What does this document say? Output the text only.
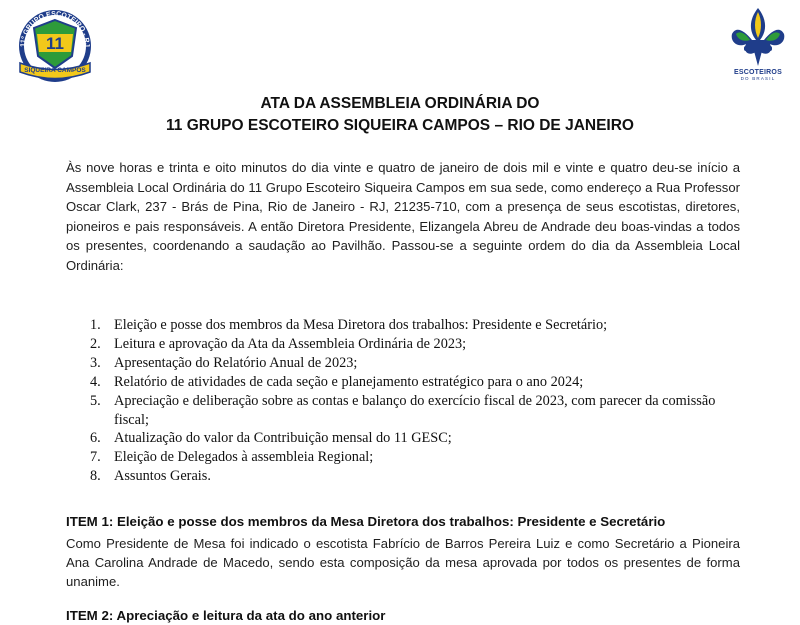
11º GRUPO ESCOTEIRO - RJ
11
SIQUEIRA CAMPOS	ESCOTEIROS
DO BRASIL
ATA DA ASSEMBLEIA ORDINÁRIA DO
11 GRUPO ESCOTEIRO SIQUEIRA CAMPOS – RIO DE JANEIRO

Às nove horas e trinta e oito minutos do dia vinte e quatro de janeiro de dois mil e vinte e quatro deu-se início a Assembleia Local Ordinária do 11 Grupo Escoteiro Siqueira Campos em sua sede, como endereço a Rua Professor Oscar Clark, 237 - Brás de Pina, Rio de Janeiro - RJ, 21235-710, com a presença de seus escotistas, diretores, pioneiros e pais responsáveis. A então Diretora Presidente, Elizangela Abreu de Andrade deu boas-vindas a todos os presentes, coordenando a saudação ao Pavilhão. Passou-se a seguinte ordem do dia da Assembleia Local Ordinária:

1. Eleição e posse dos membros da Mesa Diretora dos trabalhos: Presidente e Secretário;
2. Leitura e aprovação da Ata da Assembleia Ordinária de 2023;
3. Apresentação do Relatório Anual de 2023;
4. Relatório de atividades de cada seção e planejamento estratégico para o ano 2024;
5. Apreciação e deliberação sobre as contas e balanço do exercício fiscal de 2023, com parecer da comissão fiscal;
6. Atualização do valor da Contribuição mensal do 11 GESC;
7. Eleição de Delegados à assembleia Regional;
8. Assuntos Gerais.
ITEM 1: Eleição e posse dos membros da Mesa Diretora dos trabalhos: Presidente e Secretário

Como Presidente de Mesa foi indicado o escotista Fabrício de Barros Pereira Luiz e como Secretário a Pioneira Ana Carolina Andrade de Macedo, sendo esta composição da mesa aprovada por todos os presentes de forma unanime.

ITEM 2: Apreciação e leitura da ata do ano anterior
